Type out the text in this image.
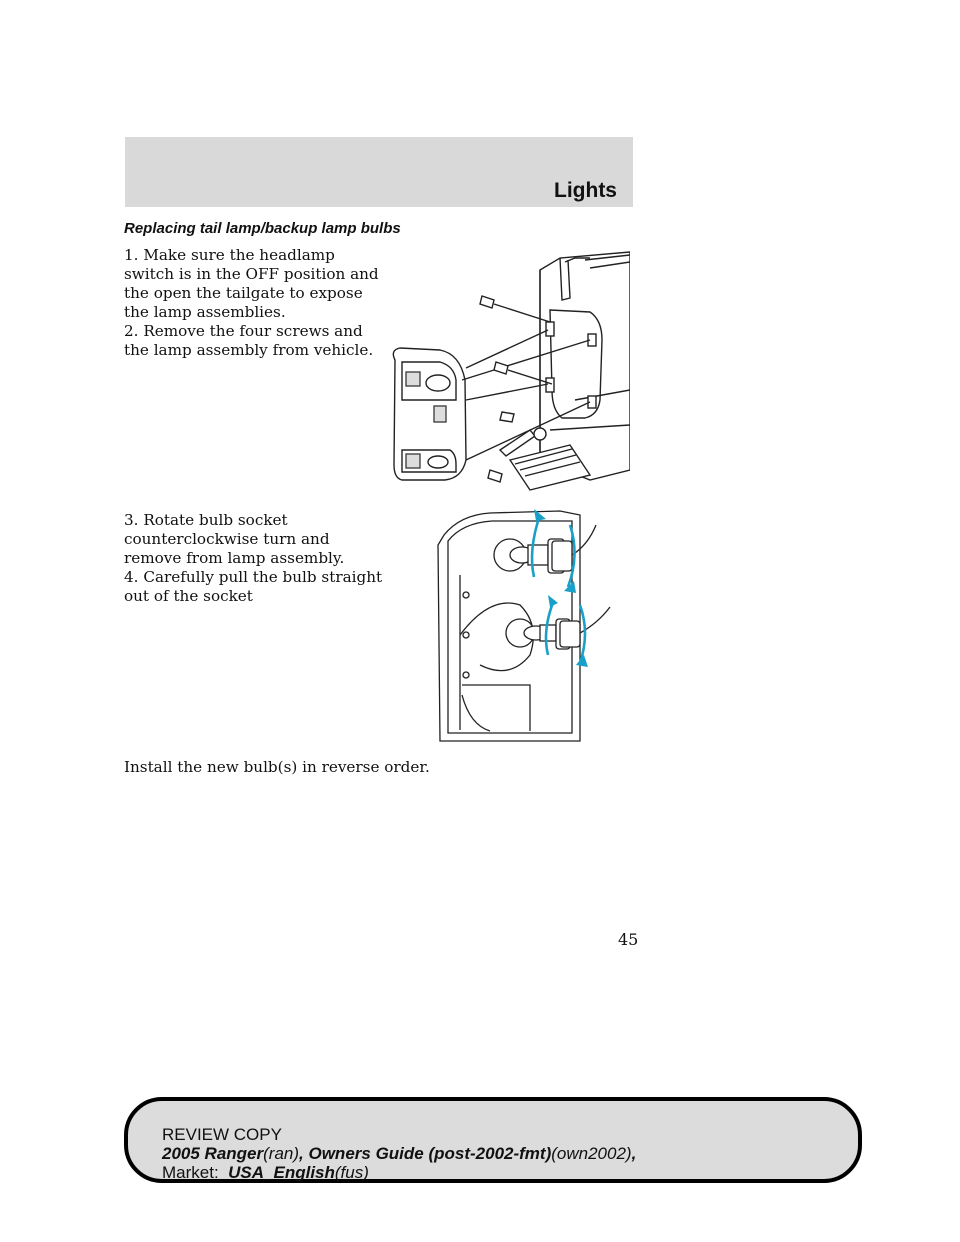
Lights
Replacing tail lamp/backup lamp bulbs

1. Make sure the headlamp switch is in the OFF position and the open the tailgate to expose the lamp assemblies.

2. Remove the four screws and the lamp assembly from vehicle.

3. Rotate bulb socket counterclockwise turn and remove from lamp assembly.

4. Carefully pull the bulb straight out of the socket

Install the new bulb(s) in reverse order.

45
REVIEW COPY
2005 Ranger(ran), Owners Guide (post-2002-fmt)(own2002),
Market: USA_English(fus)
